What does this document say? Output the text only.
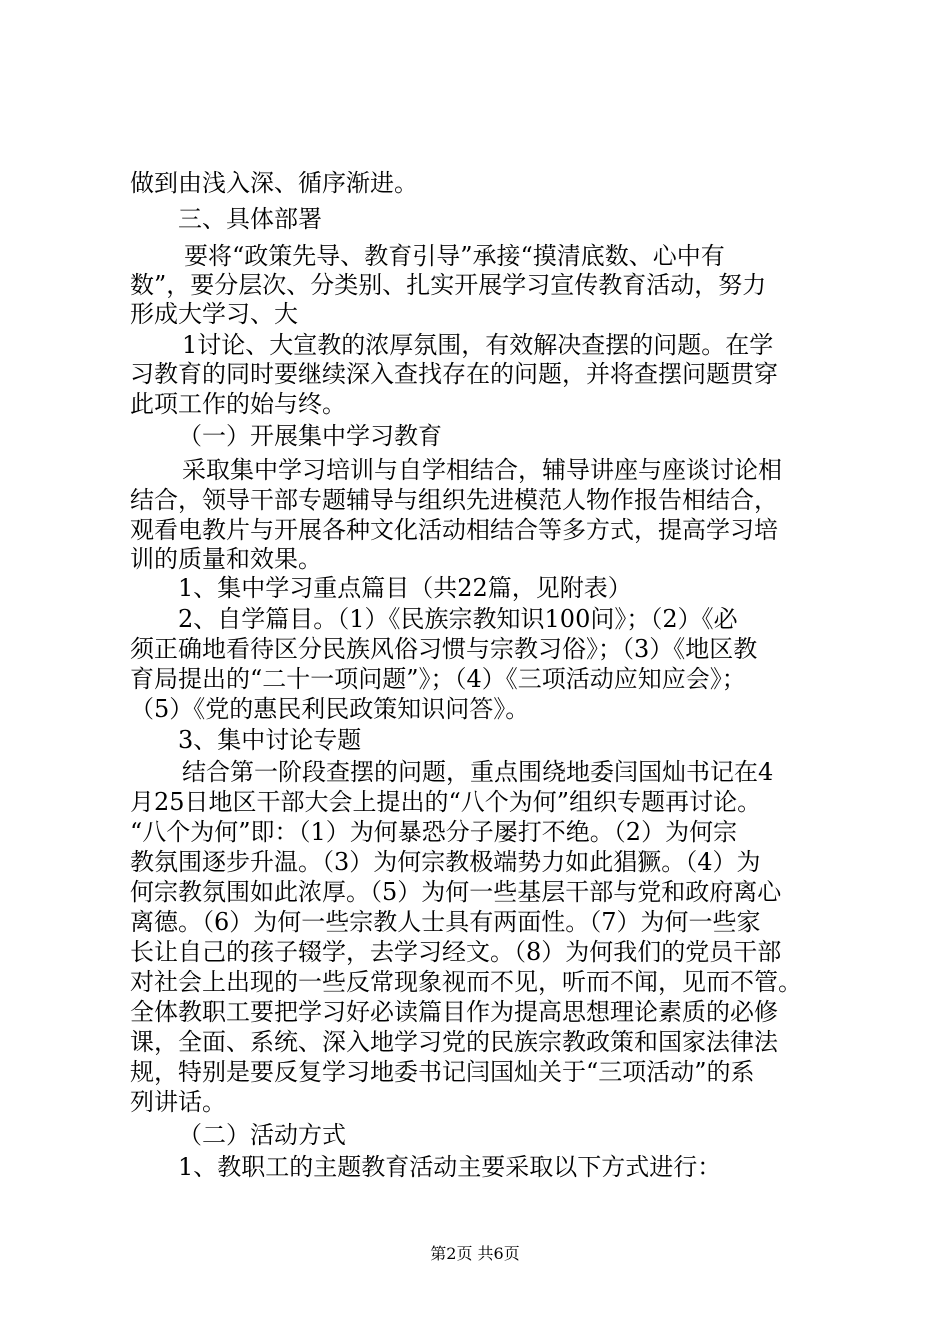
做到由浅入深、循序渐进。
三、具体部署
要将“政策先导、教育引导”承接“摸清底数、心中有
数”，要分层次、分类别、扎实开展学习宣传教育活动，努力
形成大学习、大
1讨论、大宣教的浓厚氛围，有效解决查摆的问题。在学
习教育的同时要继续深入查找存在的问题，并将查摆问题贯穿
此项工作的始与终。
（一）开展集中学习教育
采取集中学习培训与自学相结合，辅导讲座与座谈讨论相
结合，领导干部专题辅导与组织先进模范人物作报告相结合，
观看电教片与开展各种文化活动相结合等多方式，提高学习培
训的质量和效果。
1、集中学习重点篇目（共22篇，见附表）
2、自学篇目。（1）《民族宗教知识100问》；（2）《必
须正确地看待区分民族风俗习惯与宗教习俗》；（3）《地区教
育局提出的“二十一项问题”》；（4）《三项活动应知应会》；
（5）《党的惠民利民政策知识问答》。
3、集中讨论专题
结合第一阶段查摆的问题，重点围绕地委闫国灿书记在4
月25日地区干部大会上提出的“八个为何”组织专题再讨论。
“八个为何”即：（1）为何暴恐分子屡打不绝。（2）为何宗
教氛围逐步升温。（3）为何宗教极端势力如此猖獗。（4）为
何宗教氛围如此浓厚。（5）为何一些基层干部与党和政府离心
离德。（6）为何一些宗教人士具有两面性。（7）为何一些家
长让自己的孩子辍学，去学习经文。（8）为何我们的党员干部
对社会上出现的一些反常现象视而不见，听而不闻，见而不管。
全体教职工要把学习好必读篇目作为提高思想理论素质的必修
课，全面、系统、深入地学习党的民族宗教政策和国家法律法
规，特别是要反复学习地委书记闫国灿关于“三项活动”的系
列讲话。
（二）活动方式
1、教职工的主题教育活动主要采取以下方式进行：
第2页 共6页
